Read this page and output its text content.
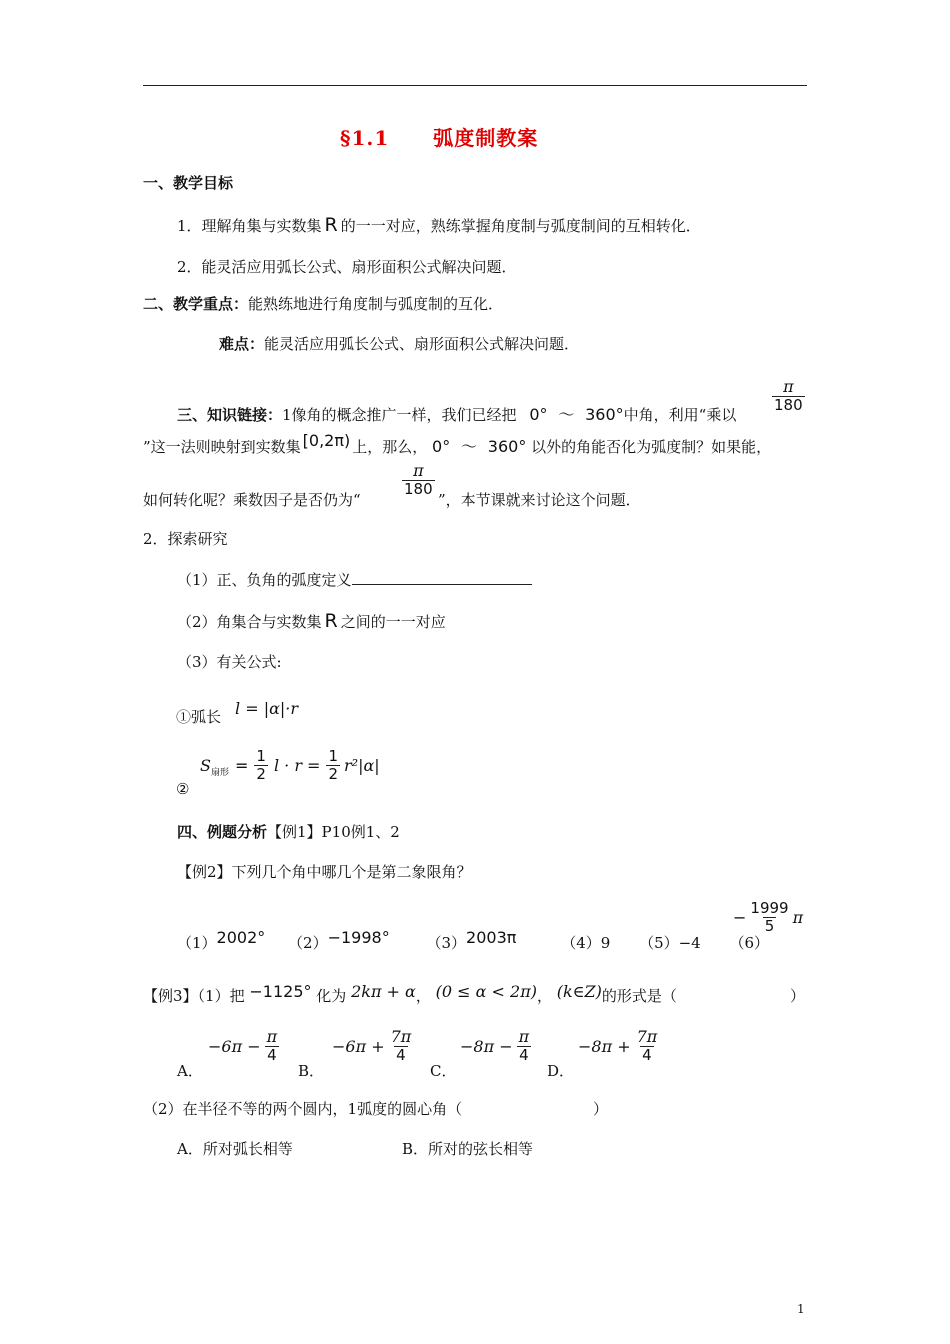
§1.1 弧度制教案
一、教学目标
1．理解角集与实数集 R 的一一对应，熟练掌握角度制与弧度制间的互相转化．
2．能灵活应用弧长公式、扇形面积公式解决问题．
二、教学重点：能熟练地进行角度制与弧度制的互化．
难点：能灵活应用弧长公式、扇形面积公式解决问题．
三、知识链接：1像角的概念推广一样，我们已经把 0° ～ 360°中角，利用“乘以
$\frac{\pi}{180}$
”这一法则映射到实数集 [0,2π) 上，那么， 0° ～ 360° 以外的角能否化为弧度制？如果能，
如何转化呢？乘数因子是否仍为“
$\frac{\pi}{180}$
”，本节课就来讨论这个问题．
2．探索研究
（1）正、负角的弧度定义
（2）角集合与实数集 R 之间的一一对应
（3）有关公式:
①弧长 l = |α|·r
②
S 扇形 = $\frac{1}{2}$ $l \cdot r = \frac{1}{2} r^2|\alpha|$
四、例题分析【例1】P10例1、2
【例2】下列几个角中哪几个是第二象限角？
（1）2002° （2）−1998° （3）2003π	（4）9 （5）−4 （6）
− $\frac{1999}{5}$ π
【例3】（1）把 −1125° 化为 2kπ + α， (0 ≤ α < 2π)， (k∈Z)的形式是（	）
A．
$-6\pi - \frac{\pi}{4}$
B．
$-6\pi + \frac{7\pi}{4}$
C．
$-8\pi - \frac{\pi}{4}$
D．
$-8\pi + \frac{7\pi}{4}$
（2）在半径不等的两个圆内，1弧度的圆心角（	）
A．所对弧长相等	B．所对的弦长相等
1
